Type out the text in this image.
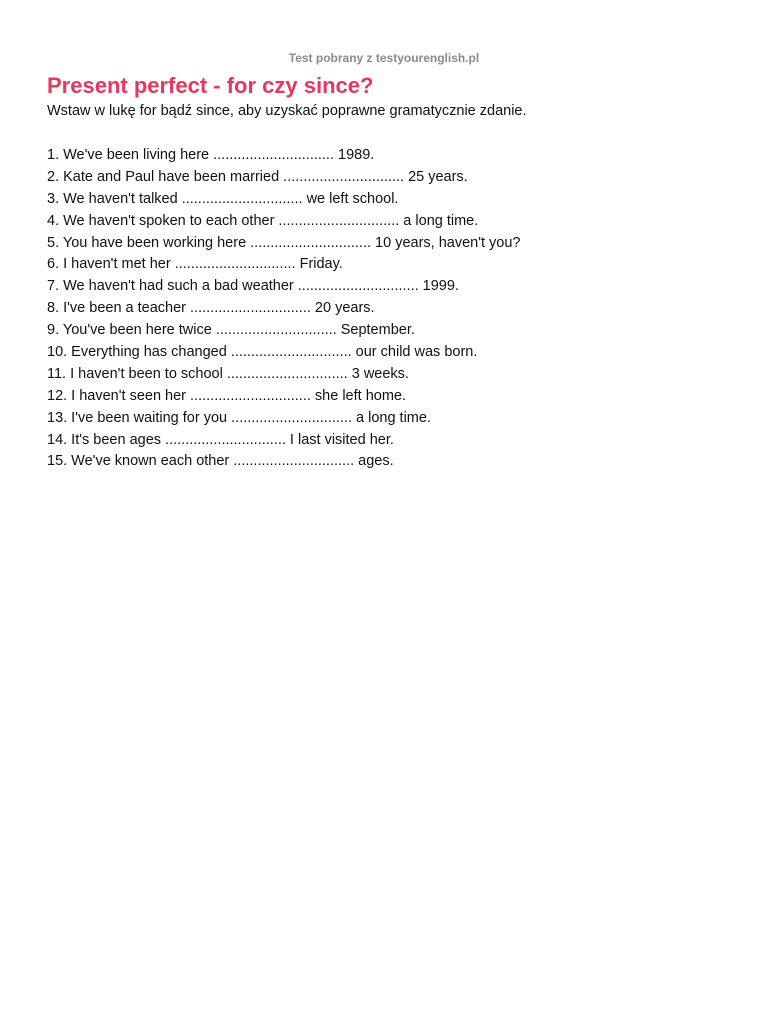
Test pobrany z testyourenglish.pl
Present perfect - for czy since?
Wstaw w lukę for bądź since, aby uzyskać poprawne gramatycznie zdanie.
1. We've been living here .............................. 1989.
2. Kate and Paul have been married .............................. 25 years.
3. We haven't talked .............................. we left school.
4. We haven't spoken to each other .............................. a long time.
5. You have been working here .............................. 10 years, haven't you?
6. I haven't met her .............................. Friday.
7. We haven't had such a bad weather .............................. 1999.
8. I've been a teacher .............................. 20 years.
9. You've been here twice .............................. September.
10. Everything has changed .............................. our child was born.
11. I haven't been to school .............................. 3 weeks.
12. I haven't seen her .............................. she left home.
13. I've been waiting for you .............................. a long time.
14. It's been ages .............................. I last visited her.
15. We've known each other .............................. ages.
